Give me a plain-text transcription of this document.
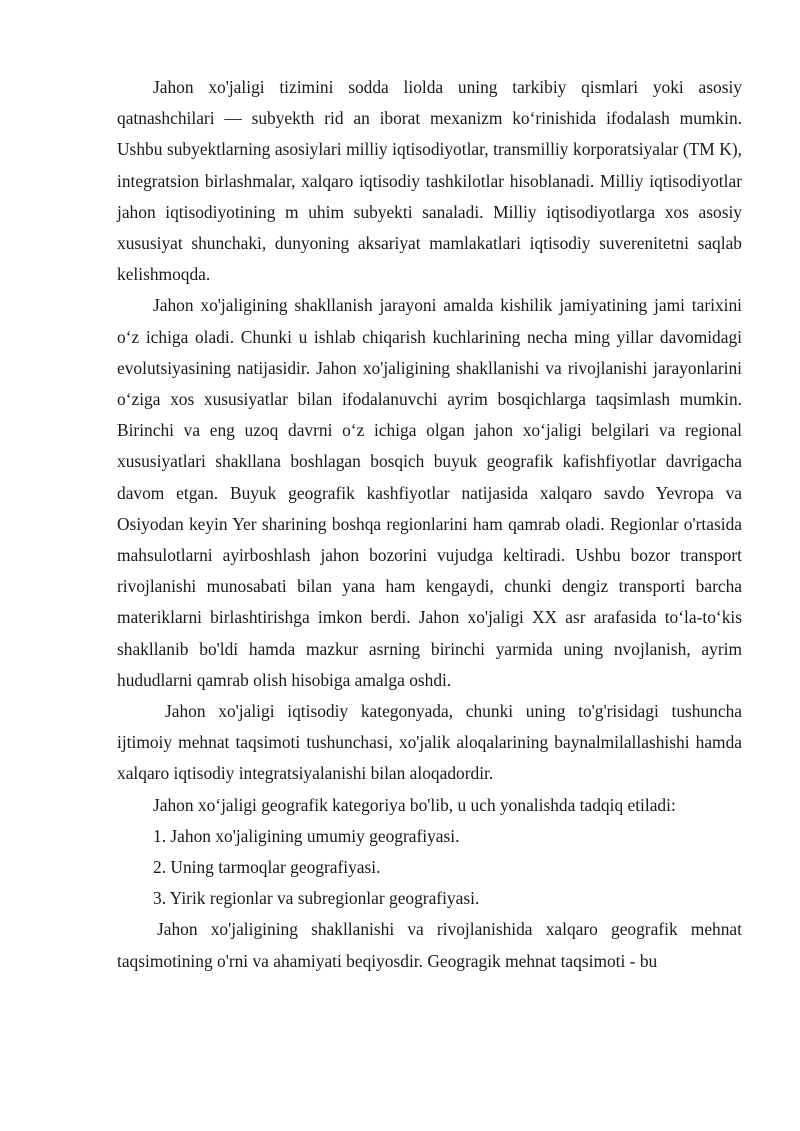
Jahon xo'jaligi tizimini sodda liolda uning tarkibiy qismlari yoki asosiy qatnashchilari — subyekth rid an iborat mexanizm ko‘rinishida ifodalash mumkin. Ushbu subyektlarning asosiylari milliy iqtisodiyotlar, transmilliy korporatsiyalar (TM K), integratsion birlashmalar, xalqaro iqtisodiy tashkilotlar hisoblanadi. Milliy iqtisodiyotlar jahon iqtisodiyotining m uhim subyekti sanaladi. Milliy iqtisodiyotlarga xos asosiy xususiyat shunchaki, dunyoning aksariyat mamlakatlari iqtisodiy suverenitetni saqlab kelishmoqda.

Jahon xo'jaligining shakllanish jarayoni amalda kishilik jamiyatining jami tarixini o‘z ichiga oladi. Chunki u ishlab chiqarish kuchlarining necha ming yillar davomidagi evolutsiyasining natijasidir. Jahon xo'jaligining shakllanishi va rivojlanishi jarayonlarini o‘ziga xos xususiyatlar bilan ifodalanuvchi ayrim bosqichlarga taqsimlash mumkin. Birinchi va eng uzoq davrni o‘z ichiga olgan jahon xo‘jaligi belgilari va regional xususiyatlari shakllana boshlagan bosqich buyuk geografik kafishfiyotlar davrigacha davom etgan. Buyuk geografik kashfiyotlar natijasida xalqaro savdo Yevropa va Osiyodan keyin Yer sharining boshqa regionlarini ham qamrab oladi. Regionlar o'rtasida mahsulotlarni ayirboshlash jahon bozorini vujudga keltiradi. Ushbu bozor transport rivojlanishi munosabati bilan yana ham kengaydi, chunki dengiz transporti barcha materiklarni birlashtirishga imkon berdi. Jahon xo'jaligi XX asr arafasida to‘la-to‘kis shakllanib bo'ldi hamda mazkur asrning birinchi yarmida uning nvojlanish, ayrim hududlarni qamrab olish hisobiga amalga oshdi.

Jahon xo'jaligi iqtisodiy kategonyada, chunki uning to'g'risidagi tushuncha ijtimoiy mehnat taqsimoti tushunchasi, xo'jalik aloqalarining baynalmilallashishi hamda xalqaro iqtisodiy integratsiyalanishi bilan aloqadordir.

Jahon xo‘jaligi geografik kategoriya bo'lib, u uch yonalishda tadqiq etiladi:

1. Jahon xo'jaligining umumiy geografiyasi.

2. Uning tarmoqlar geografiyasi.

3. Yirik regionlar va subregionlar geografiyasi.

Jahon xo'jaligining shakllanishi va rivojlanishida xalqaro geografik mehnat taqsimotining o'rni va ahamiyati beqiyosdir. Geogragik mehnat taqsimoti - bu
